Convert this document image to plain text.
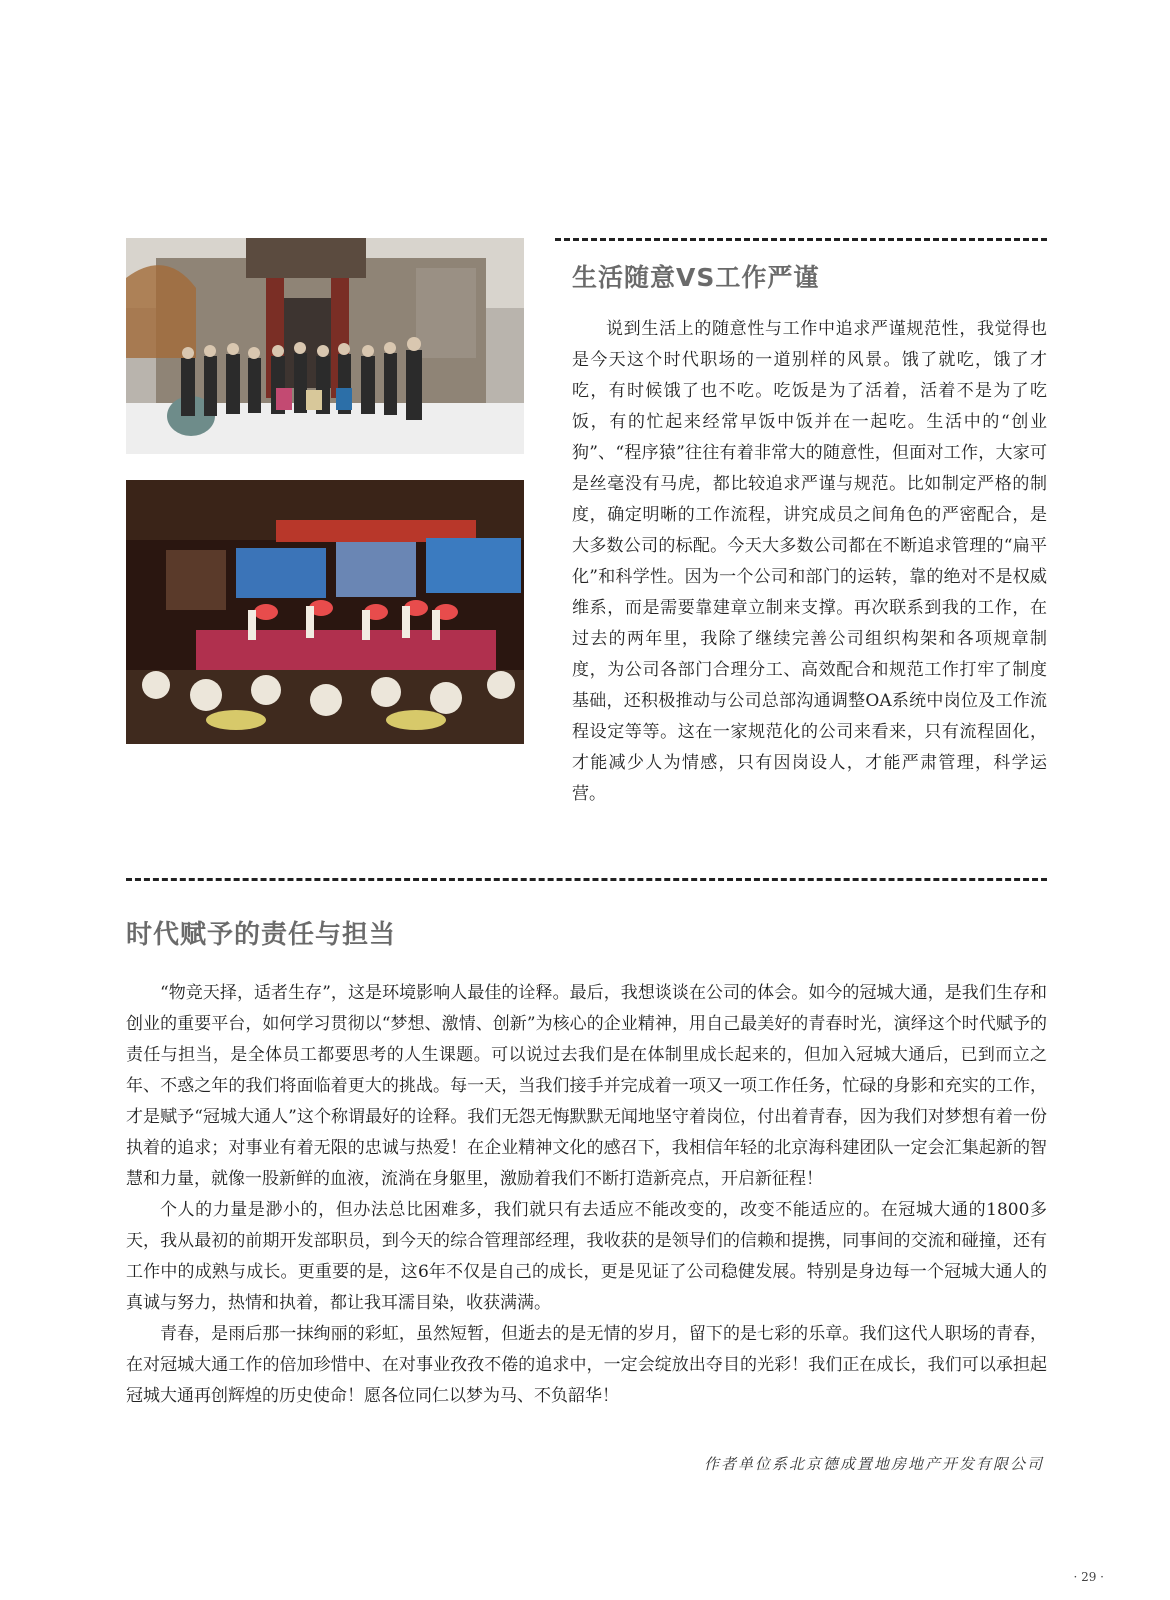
生活随意VS工作严谨

说到生活上的随意性与工作中追求严谨规范性，我觉得也是今天这个时代职场的一道别样的风景。饿了就吃，饿了才吃，有时候饿了也不吃。吃饭是为了活着，活着不是为了吃饭，有的忙起来经常早饭中饭并在一起吃。生活中的“创业狗”、“程序猿”往往有着非常大的随意性，但面对工作，大家可是丝毫没有马虎，都比较追求严谨与规范。比如制定严格的制度，确定明晰的工作流程，讲究成员之间角色的严密配合，是大多数公司的标配。今天大多数公司都在不断追求管理的“扁平化”和科学性。因为一个公司和部门的运转，靠的绝对不是权威维系，而是需要靠建章立制来支撑。再次联系到我的工作，在过去的两年里，我除了继续完善公司组织构架和各项规章制度，为公司各部门合理分工、高效配合和规范工作打牢了制度基础，还积极推动与公司总部沟通调整OA系统中岗位及工作流程设定等等。这在一家规范化的公司来看来，只有流程固化，才能减少人为情感，只有因岗设人，才能严肃管理，科学运营。

时代赋予的责任与担当

“物竞天择，适者生存”，这是环境影响人最佳的诠释。最后，我想谈谈在公司的体会。如今的冠城大通，是我们生存和创业的重要平台，如何学习贯彻以“梦想、激情、创新”为核心的企业精神，用自己最美好的青春时光，演绎这个时代赋予的责任与担当，是全体员工都要思考的人生课题。可以说过去我们是在体制里成长起来的，但加入冠城大通后，已到而立之年、不惑之年的我们将面临着更大的挑战。每一天，当我们接手并完成着一项又一项工作任务，忙碌的身影和充实的工作，才是赋予“冠城大通人”这个称谓最好的诠释。我们无怨无悔默默无闻地坚守着岗位，付出着青春，因为我们对梦想有着一份执着的追求；对事业有着无限的忠诚与热爱！在企业精神文化的感召下，我相信年轻的北京海科建团队一定会汇集起新的智慧和力量，就像一股新鲜的血液，流淌在身躯里，激励着我们不断打造新亮点，开启新征程！

个人的力量是渺小的，但办法总比困难多，我们就只有去适应不能改变的，改变不能适应的。在冠城大通的1800多天，我从最初的前期开发部职员，到今天的综合管理部经理，我收获的是领导们的信赖和提携，同事间的交流和碰撞，还有工作中的成熟与成长。更重要的是，这6年不仅是自己的成长，更是见证了公司稳健发展。特别是身边每一个冠城大通人的真诚与努力，热情和执着，都让我耳濡目染，收获满满。

青春，是雨后那一抹绚丽的彩虹，虽然短暂，但逝去的是无情的岁月，留下的是七彩的乐章。我们这代人职场的青春，在对冠城大通工作的倍加珍惜中、在对事业孜孜不倦的追求中，一定会绽放出夺目的光彩！我们正在成长，我们可以承担起冠城大通再创辉煌的历史使命！愿各位同仁以梦为马、不负韶华！

作者单位系北京德成置地房地产开发有限公司

· 29 ·
